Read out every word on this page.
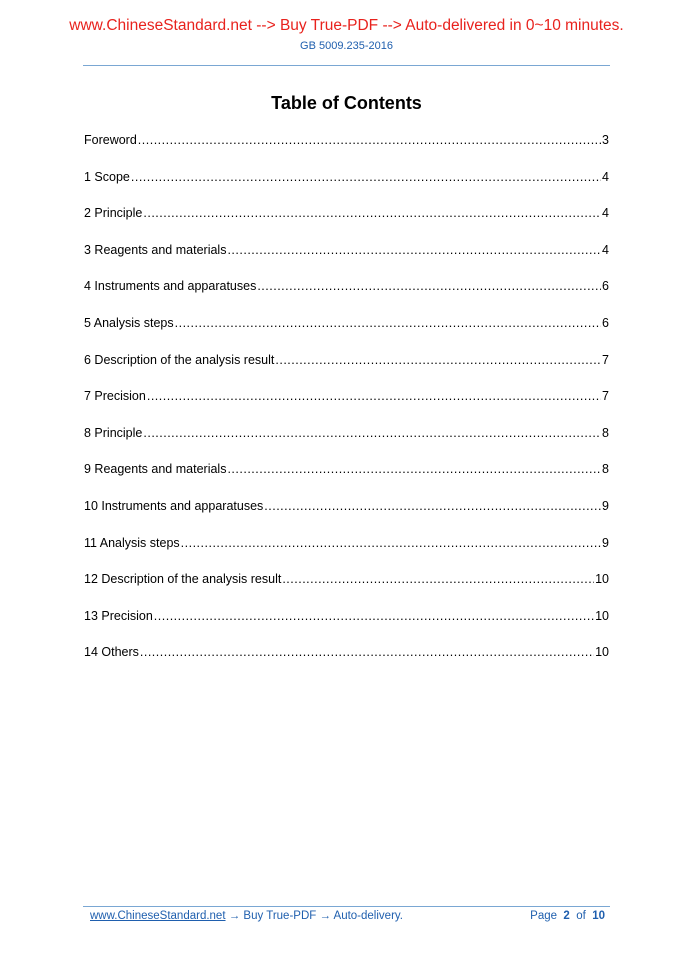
www.ChineseStandard.net --> Buy True-PDF --> Auto-delivered in 0~10 minutes.
GB 5009.235-2016
Table of Contents
Foreword .....	3
1 Scope .....	4
2 Principle .....	4
3 Reagents and materials .....	4
4 Instruments and apparatuses .....	6
5 Analysis steps .....	6
6 Description of the analysis result .....	7
7 Precision .....	7
8 Principle .....	8
9 Reagents and materials .....	8
10 Instruments and apparatuses .....	9
11 Analysis steps .....	9
12 Description of the analysis result .....	10
13 Precision .....	10
14 Others .....	10
www.ChineseStandard.net → Buy True-PDF → Auto-delivery.	Page 2 of 10
